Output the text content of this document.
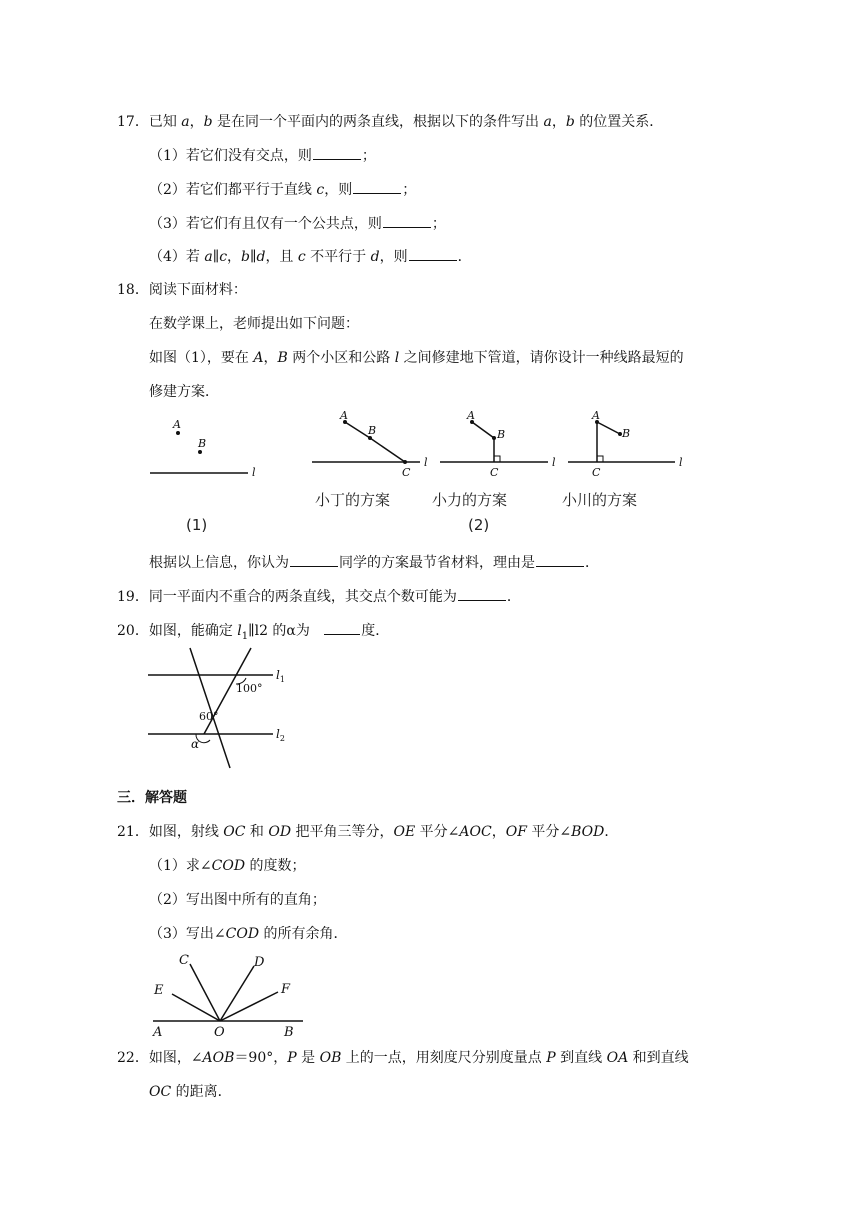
17．已知 a，b 是在同一个平面内的两条直线，根据以下的条件写出 a，b 的位置关系．
（1）若它们没有交点，则	；
（2）若它们都平行于直线 c，则	；
（3）若它们有且仅有一个公共点，则	；
（4）若 a∥c，b∥d，且 c 不平行于 d，则	．
18．阅读下面材料：
在数学课上，老师提出如下问题：
如图（1），要在 A，B 两个小区和公路 l 之间修建地下管道，请你设计一种线路最短的
修建方案．
A
B
l
(1)
l
A
B
C
小丁的方案
l
A
B
C
小力的方案
(2)
l
A
B
C
小川的方案
根据以上信息，你认为	同学的方案最节省材料，理由是	．
19．同一平面内不重合的两条直线，其交点个数可能为	．
20．如图，能确定 $l_1\parallel l2$ 的α为	度．
$l_1$
$l_2$
100°
60°
α
三．解答题
21．如图，射线 OC 和 OD 把平角三等分，OE 平分∠AOC，OF 平分∠BOD．
（1）求∠COD 的度数；
（2）写出图中所有的直角；
（3）写出∠COD 的所有余角．
C	D
E	F
A	O	B
22．如图，∠AOB＝90°，P 是 OB 上的一点，用刻度尺分别度量点 P 到直线 OA 和到直线
OC 的距离．
